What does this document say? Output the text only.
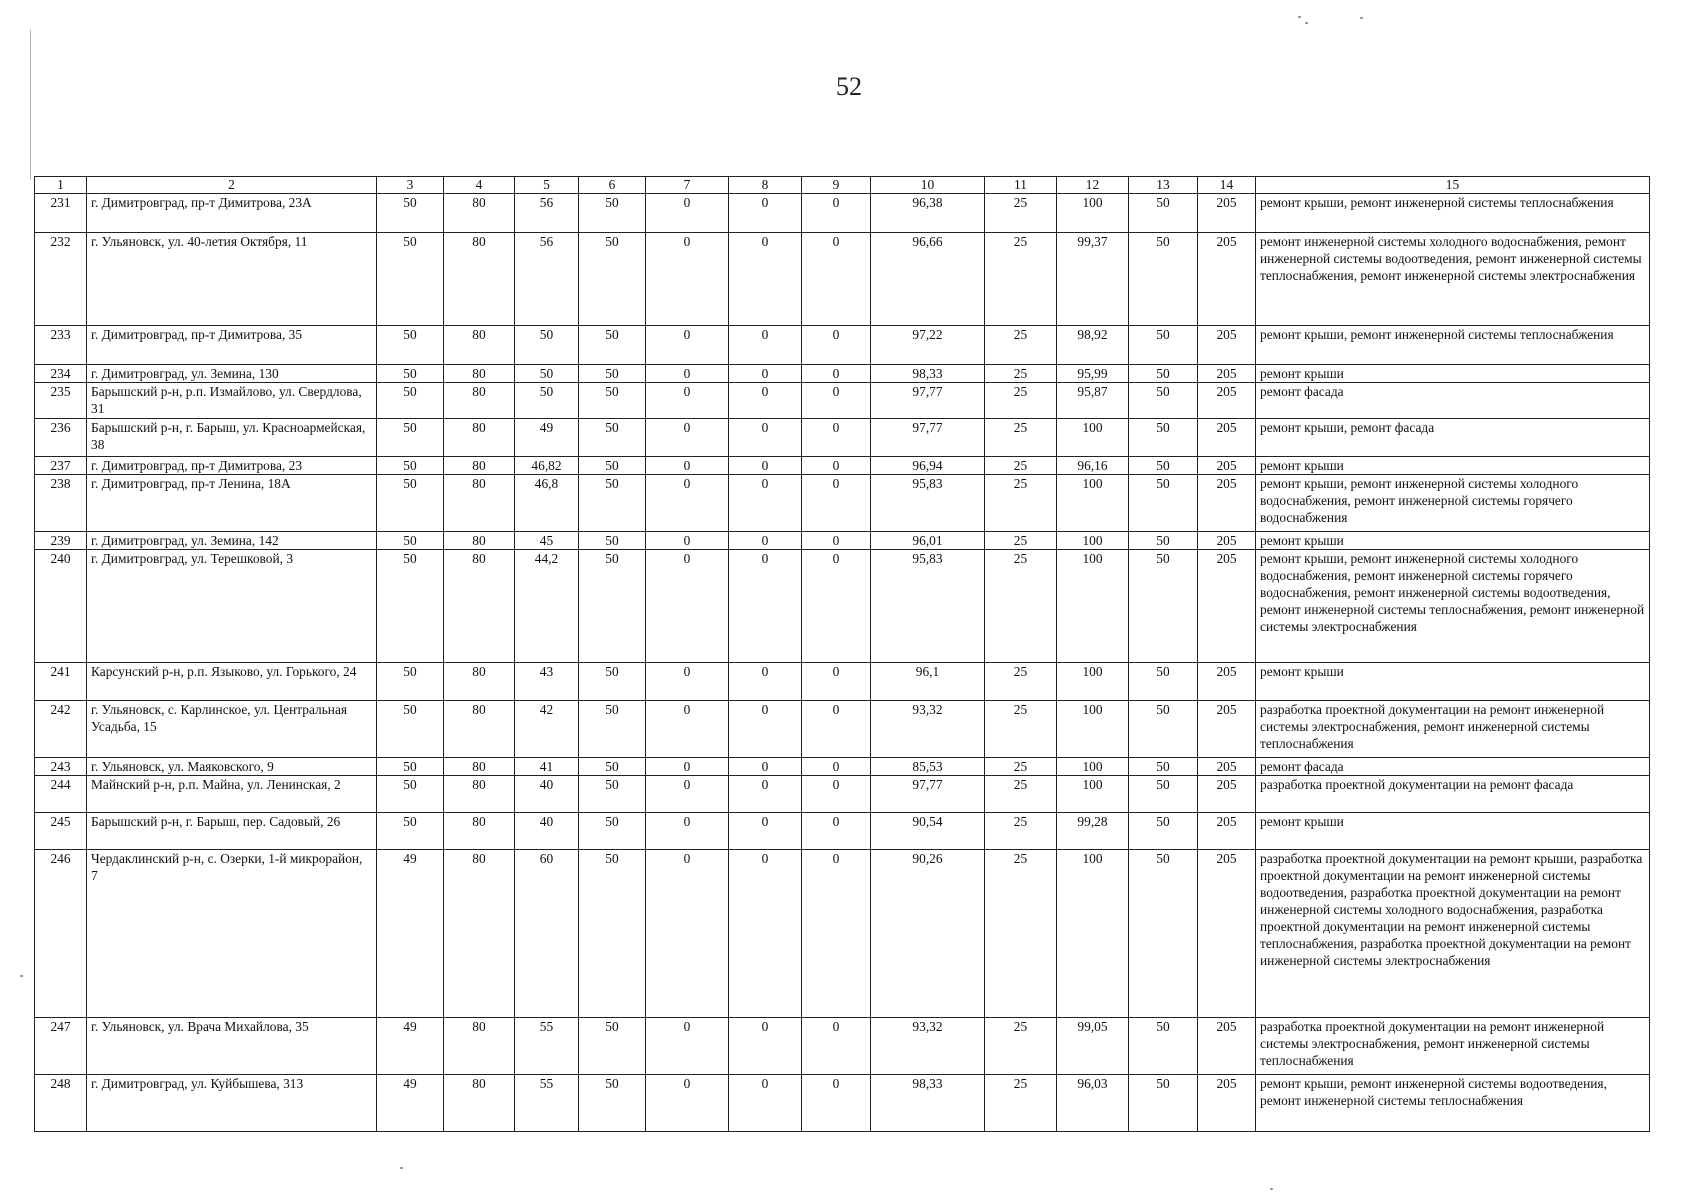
52
1	2	3	4	5	6	7	8	9	10	11	12	13	14	15
231	г. Димитровград, пр-т Димитрова, 23А	50	80	56	50	0	0	0	96,38	25	100	50	205	ремонт крыши, ремонт инженерной системы теплоснабжения
232	г. Ульяновск, ул. 40-летия Октября, 11	50	80	56	50	0	0	0	96,66	25	99,37	50	205	ремонт инженерной системы холодного водоснабжения, ремонт инженерной системы водоотведения, ремонт инженерной системы теплоснабжения, ремонт инженерной системы электроснабжения
233	г. Димитровград, пр-т Димитрова, 35	50	80	50	50	0	0	0	97,22	25	98,92	50	205	ремонт крыши, ремонт инженерной системы теплоснабжения
234	г. Димитровград, ул. Земина, 130	50	80	50	50	0	0	0	98,33	25	95,99	50	205	ремонт крыши
235	Барышский р-н, р.п. Измайлово, ул. Свердлова, 31	50	80	50	50	0	0	0	97,77	25	95,87	50	205	ремонт фасада
236	Барышский р-н, г. Барыш, ул. Красноармейская, 38	50	80	49	50	0	0	0	97,77	25	100	50	205	ремонт крыши, ремонт фасада
237	г. Димитровград, пр-т Димитрова, 23	50	80	46,82	50	0	0	0	96,94	25	96,16	50	205	ремонт крыши
238	г. Димитровград, пр-т Ленина, 18А	50	80	46,8	50	0	0	0	95,83	25	100	50	205	ремонт крыши, ремонт инженерной системы холодного водоснабжения, ремонт инженерной системы горячего водоснабжения
239	г. Димитровград, ул. Земина, 142	50	80	45	50	0	0	0	96,01	25	100	50	205	ремонт крыши
240	г. Димитровград, ул. Терешковой, 3	50	80	44,2	50	0	0	0	95,83	25	100	50	205	ремонт крыши, ремонт инженерной системы холодного водоснабжения, ремонт инженерной системы горячего водоснабжения, ремонт инженерной системы водоотведения, ремонт инженерной системы теплоснабжения, ремонт инженерной системы электроснабжения
241	Карсунский р-н, р.п. Языково, ул. Горького, 24	50	80	43	50	0	0	0	96,1	25	100	50	205	ремонт крыши
242	г. Ульяновск, с. Карлинское, ул. Центральная Усадьба, 15	50	80	42	50	0	0	0	93,32	25	100	50	205	разработка проектной документации на ремонт инженерной системы электроснабжения, ремонт инженерной системы теплоснабжения
243	г. Ульяновск, ул. Маяковского, 9	50	80	41	50	0	0	0	85,53	25	100	50	205	ремонт фасада
244	Майнский р-н, р.п. Майна, ул. Ленинская, 2	50	80	40	50	0	0	0	97,77	25	100	50	205	разработка проектной документации на ремонт фасада
245	Барышский р-н, г. Барыш, пер. Садовый, 26	50	80	40	50	0	0	0	90,54	25	99,28	50	205	ремонт крыши
246	Чердаклинский р-н, с. Озерки, 1-й микрорайон, 7	49	80	60	50	0	0	0	90,26	25	100	50	205	разработка проектной документации на ремонт крыши, разработка проектной документации на ремонт инженерной системы водоотведения, разработка проектной документации на ремонт инженерной системы холодного водоснабжения, разработка проектной документации на ремонт инженерной системы теплоснабжения, разработка проектной документации на ремонт инженерной системы электроснабжения
247	г. Ульяновск, ул. Врача Михайлова, 35	49	80	55	50	0	0	0	93,32	25	99,05	50	205	разработка проектной документации на ремонт инженерной системы электроснабжения, ремонт инженерной системы теплоснабжения
248	г. Димитровград, ул. Куйбышева, 313	49	80	55	50	0	0	0	98,33	25	96,03	50	205	ремонт крыши, ремонт инженерной системы водоотведения, ремонт инженерной системы теплоснабжения
